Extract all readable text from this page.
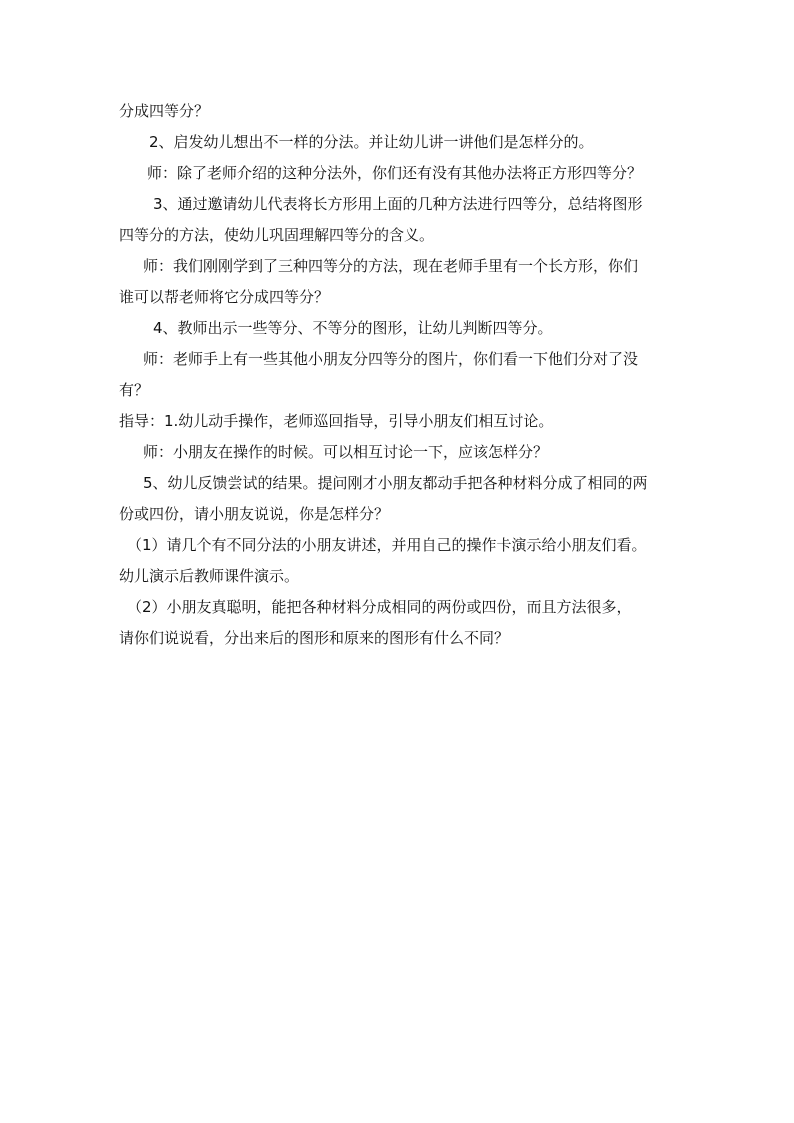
分成四等分？
2、启发幼儿想出不一样的分法。并让幼儿讲一讲他们是怎样分的。
师：除了老师介绍的这种分法外，你们还有没有其他办法将正方形四等分？
3、通过邀请幼儿代表将长方形用上面的几种方法进行四等分，总结将图形
四等分的方法，使幼儿巩固理解四等分的含义。
师：我们刚刚学到了三种四等分的方法，现在老师手里有一个长方形，你们
谁可以帮老师将它分成四等分？
4、教师出示一些等分、不等分的图形，让幼儿判断四等分。
师：老师手上有一些其他小朋友分四等分的图片，你们看一下他们分对了没
有？
指导：1.幼儿动手操作，老师巡回指导，引导小朋友们相互讨论。
师：小朋友在操作的时候。可以相互讨论一下，应该怎样分？
5、幼儿反馈尝试的结果。提问刚才小朋友都动手把各种材料分成了相同的两
份或四份，请小朋友说说，你是怎样分？
（1）请几个有不同分法的小朋友讲述，并用自己的操作卡演示给小朋友们看。
幼儿演示后教师课件演示。
（2）小朋友真聪明，能把各种材料分成相同的两份或四份，而且方法很多，
请你们说说看，分出来后的图形和原来的图形有什么不同？
